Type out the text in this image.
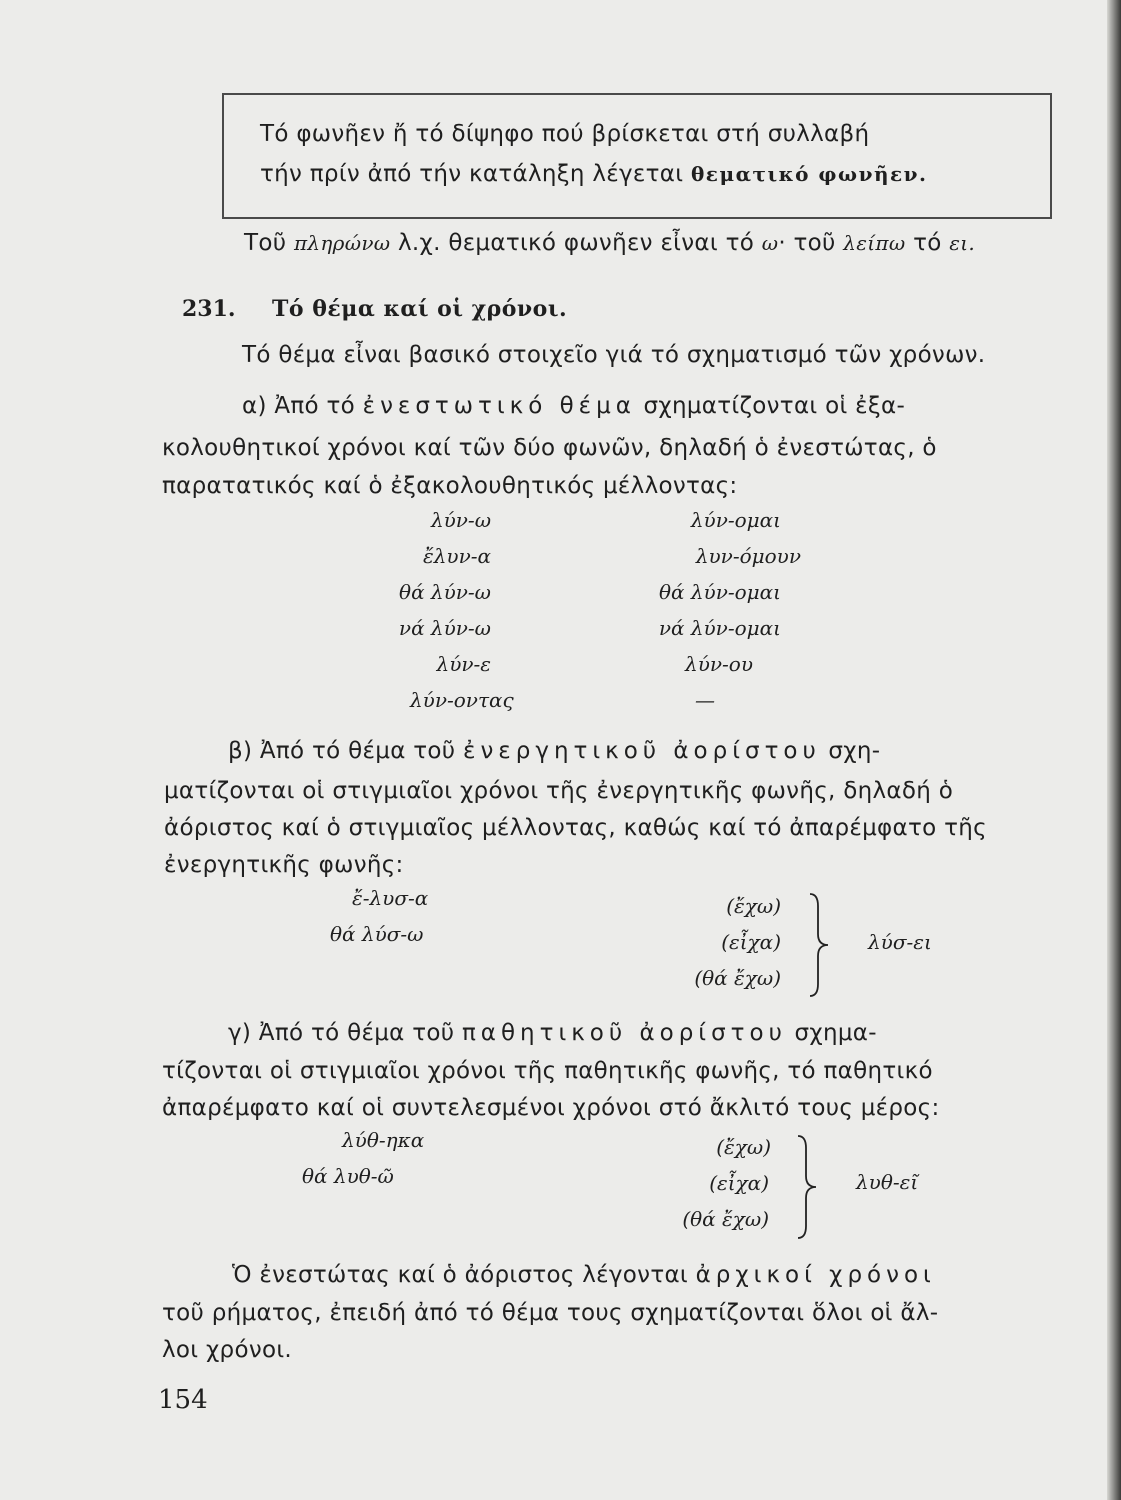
Τό φωνῆεν ἤ τό δίψηφο πού βρίσκεται στή συλλαβή
τήν πρίν ἀπό τήν κατάληξη λέγεται θεματικό φωνῆεν.
Τοῦ πληρώνω λ.χ. θεματικό φωνῆεν εἶναι τό ω· τοῦ λείπω τό ει.
231. Τό θέμα καί οἱ χρόνοι.
Τό θέμα εἶναι βασικό στοιχεῖο γιά τό σχηματισμό τῶν χρόνων.
α) Ἀπό τό ἐνεστωτικό θέμα σχηματίζονται οἱ ἐξα-
κολουθητικοί χρόνοι καί τῶν δύο φωνῶν, δηλαδή ὁ ἐνεστώτας, ὁ
παρατατικός καί ὁ ἐξακολουθητικός μέλλοντας:
λύν-ω
ἔλυν-α
θά λύν-ω
νά λύν-ω
λύν-ε
λύν-οντας
λύν-ομαι
λυν-όμουν
θά λύν-ομαι
νά λύν-ομαι
λύν-ου
—
β) Ἀπό τό θέμα τοῦ ἐνεργητικοῦ ἀορίστου σχη-
ματίζονται οἱ στιγμιαῖοι χρόνοι τῆς ἐνεργητικῆς φωνῆς, δηλαδή ὁ
ἀόριστος καί ὁ στιγμιαῖος μέλλοντας, καθώς καί τό ἀπαρέμφατο τῆς
ἐνεργητικῆς φωνῆς:
ἔ-λυσ-α
θά λύσ-ω
(ἔχω)
(εἶχα)
(θά ἔχω)
λύσ-ει
γ) Ἀπό τό θέμα τοῦ παθητικοῦ ἀορίστου σχημα-
τίζονται οἱ στιγμιαῖοι χρόνοι τῆς παθητικῆς φωνῆς, τό παθητικό
ἀπαρέμφατο καί οἱ συντελεσμένοι χρόνοι στό ἄκλιτό τους μέρος:
λύθ-ηκα
θά λυθ-ῶ
(ἔχω)
(εἶχα)
(θά ἔχω)
λυθ-εῖ
Ὁ ἐνεστώτας καί ὁ ἀόριστος λέγονται ἀρχικοί χρόνοι
τοῦ ρήματος, ἐπειδή ἀπό τό θέμα τους σχηματίζονται ὅλοι οἱ ἄλ-
λοι χρόνοι.
154
